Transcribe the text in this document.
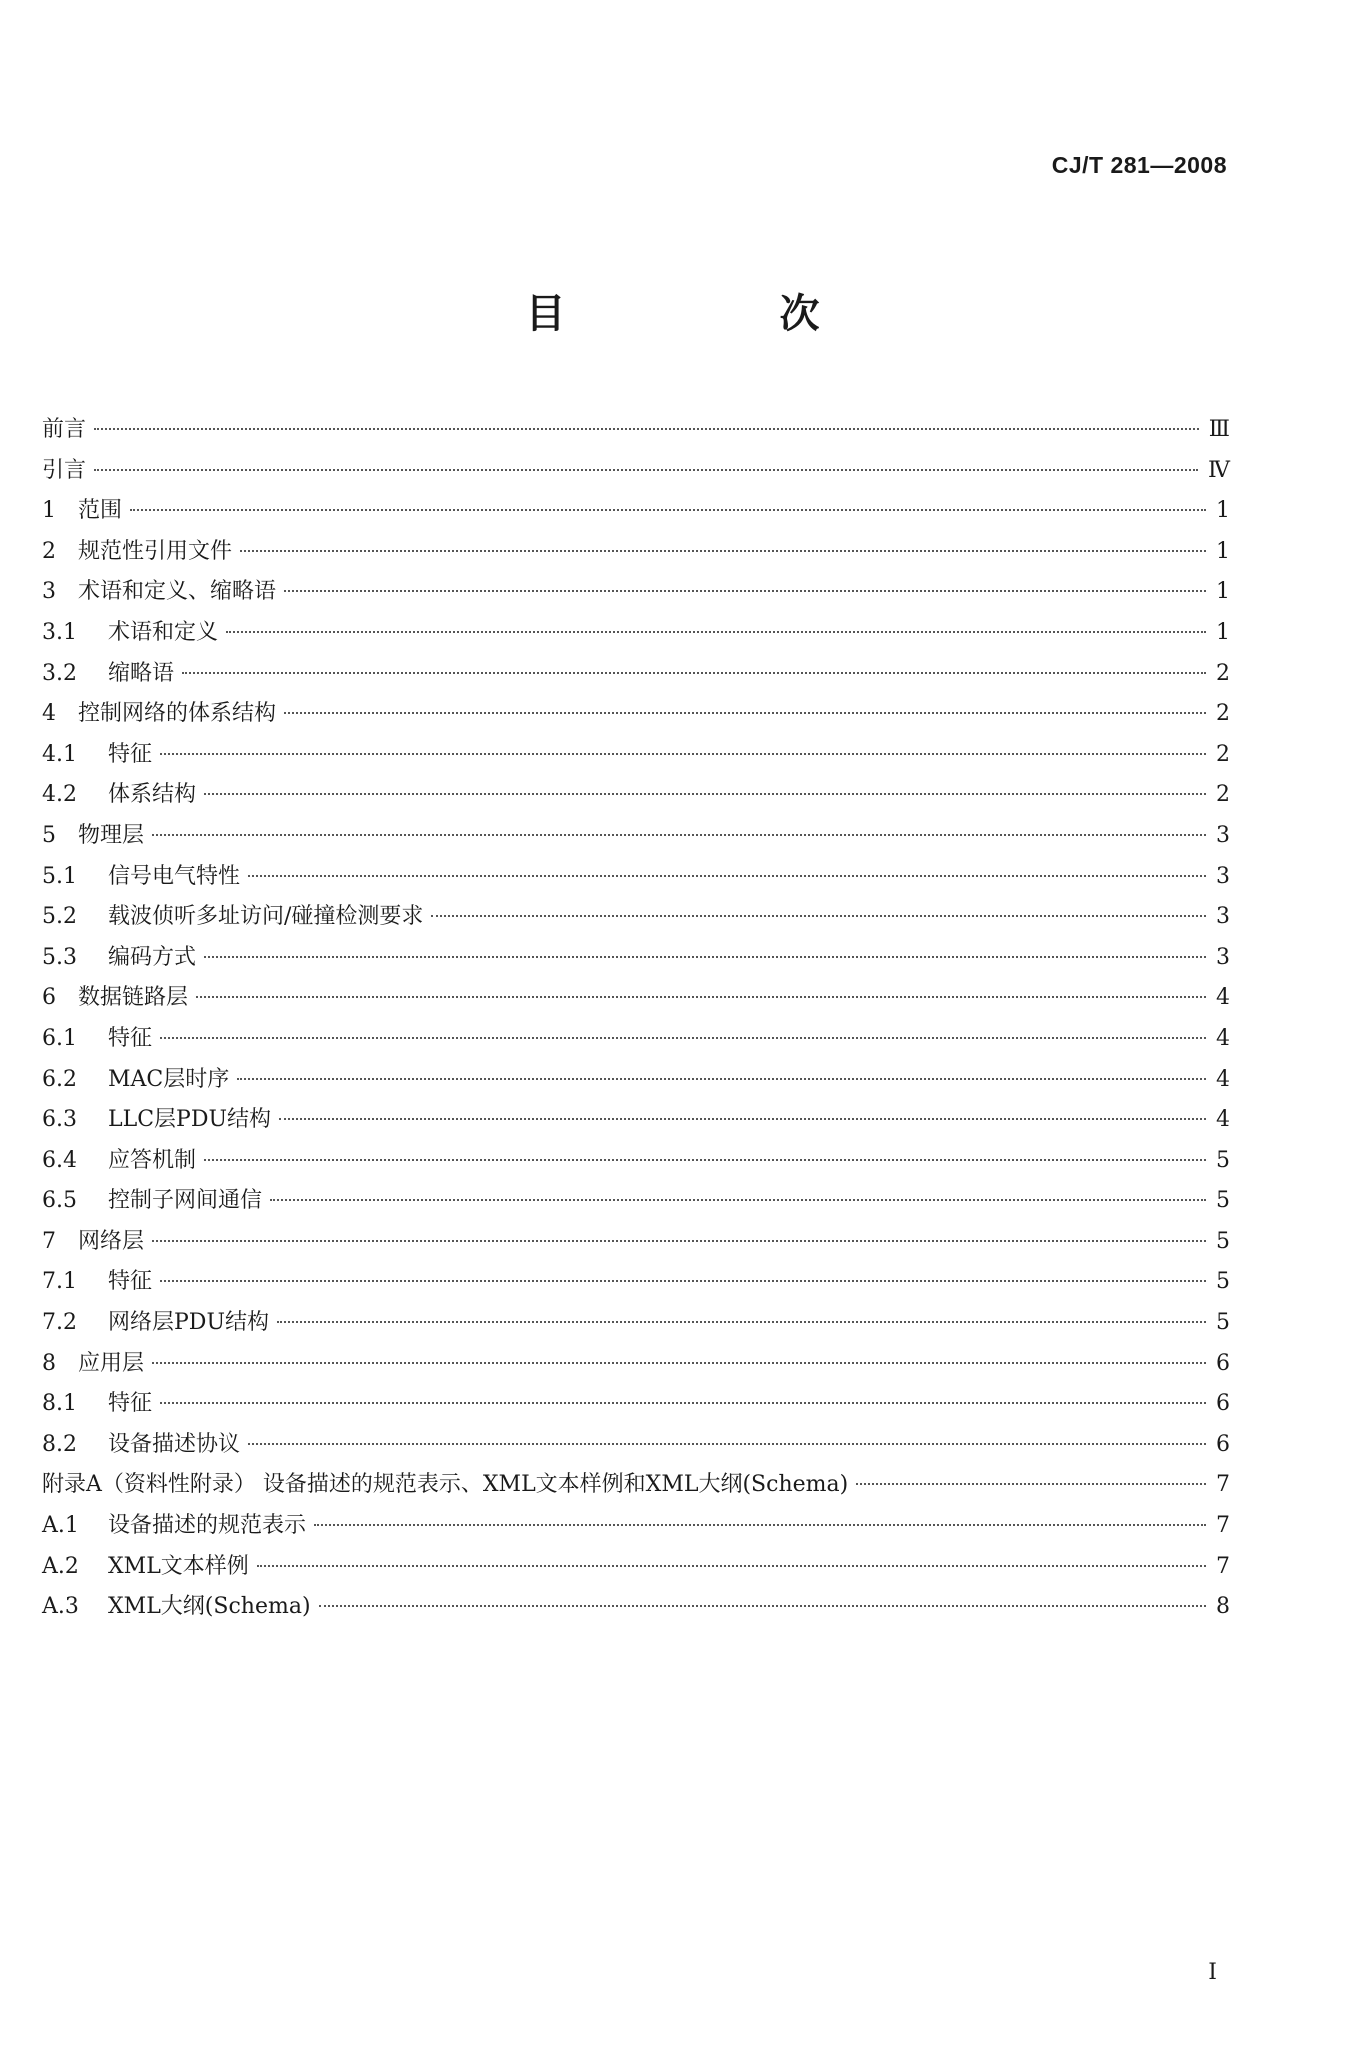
CJ/T 281—2008
目 次
前言	Ⅲ
引言	Ⅳ
1 范围	1
2 规范性引用文件	1
3 术语和定义、缩略语	1
3.1	术语和定义	1
3.2	缩略语	2
4 控制网络的体系结构	2
4.1	特征	2
4.2	体系结构	2
5 物理层	3
5.1	信号电气特性	3
5.2	载波侦听多址访问/碰撞检测要求	3
5.3	编码方式	3
6 数据链路层	4
6.1	特征	4
6.2	MAC层时序	4
6.3	LLC层PDU结构	4
6.4	应答机制	5
6.5	控制子网间通信	5
7 网络层	5
7.1	特征	5
7.2	网络层PDU结构	5
8 应用层	6
8.1	特征	6
8.2	设备描述协议	6
附录A（资料性附录） 设备描述的规范表示、XML文本样例和XML大纲(Schema)	7
A.1	设备描述的规范表示	7
A.2	XML文本样例	7
A.3	XML大纲(Schema)	8
I
